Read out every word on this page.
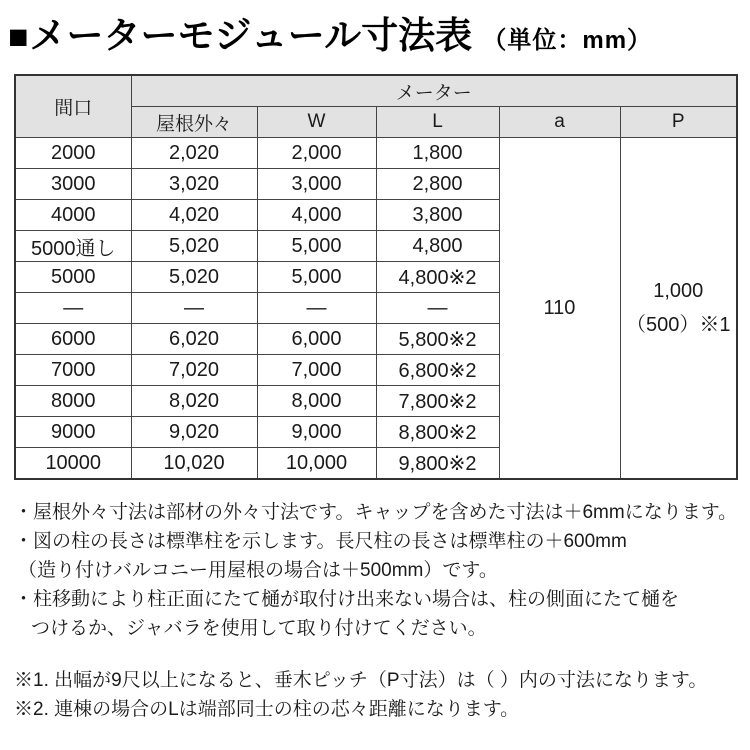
■メーターモジュール寸法表 （単位：mm）
間口	メーター				
	屋根外々	W	L	a	P
2000	2,020	2,000	1,800	110	1,000
（500）※1

3000	3,020	3,000	2,800		
4000	4,020	4,000	3,800		
5000通し	5,020	5,000	4,800		
5000	5,020	5,000	4,800※2		
—	—	—	—		
6000	6,020	6,000	5,800※2		
7000	7,020	7,000	6,800※2		
8000	8,020	8,000	7,800※2		
9000	9,020	9,000	8,800※2		
10000	10,020	10,000	9,800※2		

・屋根外々寸法は部材の外々寸法です。キャップを含めた寸法は＋6mmになります。

・図の柱の長さは標準柱を示します。長尺柱の長さは標準柱の＋600mm

（造り付けバルコニー用屋根の場合は＋500mm）です。

・柱移動により柱正面にたて樋が取付け出来ない場合は、柱の側面にたて樋を

つけるか、ジャバラを使用して取り付けてください。

※1. 出幅が9尺以上になると、垂木ピッチ（P寸法）は（ ）内の寸法になります。

※2. 連棟の場合のLは端部同士の柱の芯々距離になります。
